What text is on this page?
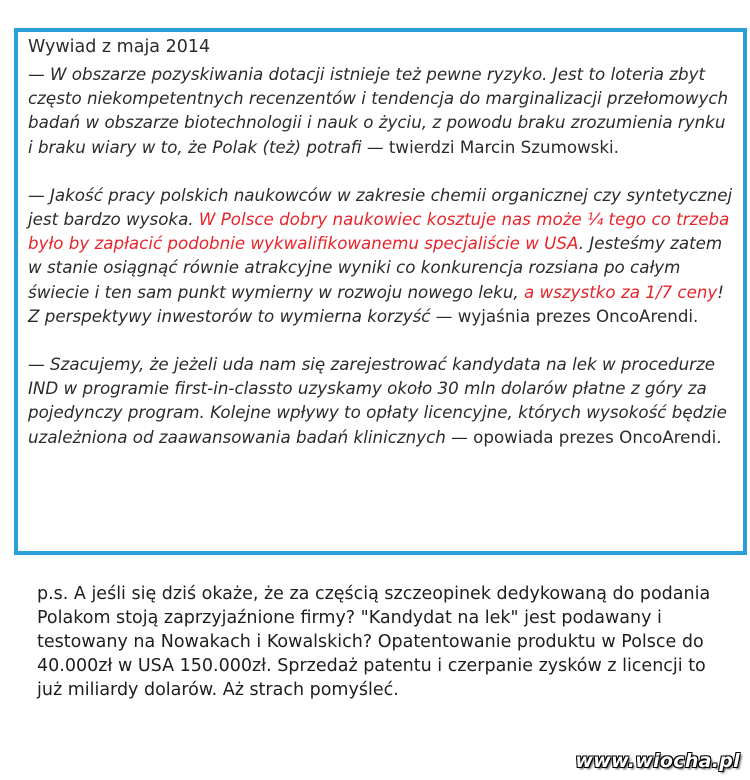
Wywiad z maja 2014

— W obszarze pozyskiwania dotacji istnieje też pewne ryzyko. Jest to loteria zbyt często niekompetentnych recenzentów i tendencja do marginalizacji przełomowych badań w obszarze biotechnologii i nauk o życiu, z powodu braku zrozumienia rynku i braku wiary w to, że Polak (też) potrafi — twierdzi Marcin Szumowski.

— Jakość pracy polskich naukowców w zakresie chemii organicznej czy syntetycznej jest bardzo wysoka. W Polsce dobry naukowiec kosztuje nas może ¼ tego co trzeba było by zapłacić podobnie wykwalifikowanemu specjaliście w USA. Jesteśmy zatem w stanie osiągnąć równie atrakcyjne wyniki co konkurencja rozsiana po całym świecie i ten sam punkt wymierny w rozwoju nowego leku, a wszystko za 1/7 ceny! Z perspektywy inwestorów to wymierna korzyść — wyjaśnia prezes OncoArendi.

— Szacujemy, że jeżeli uda nam się zarejestrować kandydata na lek w procedurze IND w programie first-in-classto uzyskamy około 30 mln dolarów płatne z góry za pojedynczy program. Kolejne wpływy to opłaty licencyjne, których wysokość będzie uzależniona od zaawansowania badań klinicznych — opowiada prezes OncoArendi.

p.s. A jeśli się dziś okaże, że za częścią szczeopinek dedykowaną do podania Polakom stoją zaprzyjaźnione firmy? "Kandydat na lek" jest podawany i testowany na Nowakach i Kowalskich? Opatentowanie produktu w Polsce do 40.000zł w USA 150.000zł. Sprzedaż patentu i czerpanie zysków z licencji to już miliardy dolarów. Aż strach pomyśleć.

www.wiocha.pl
